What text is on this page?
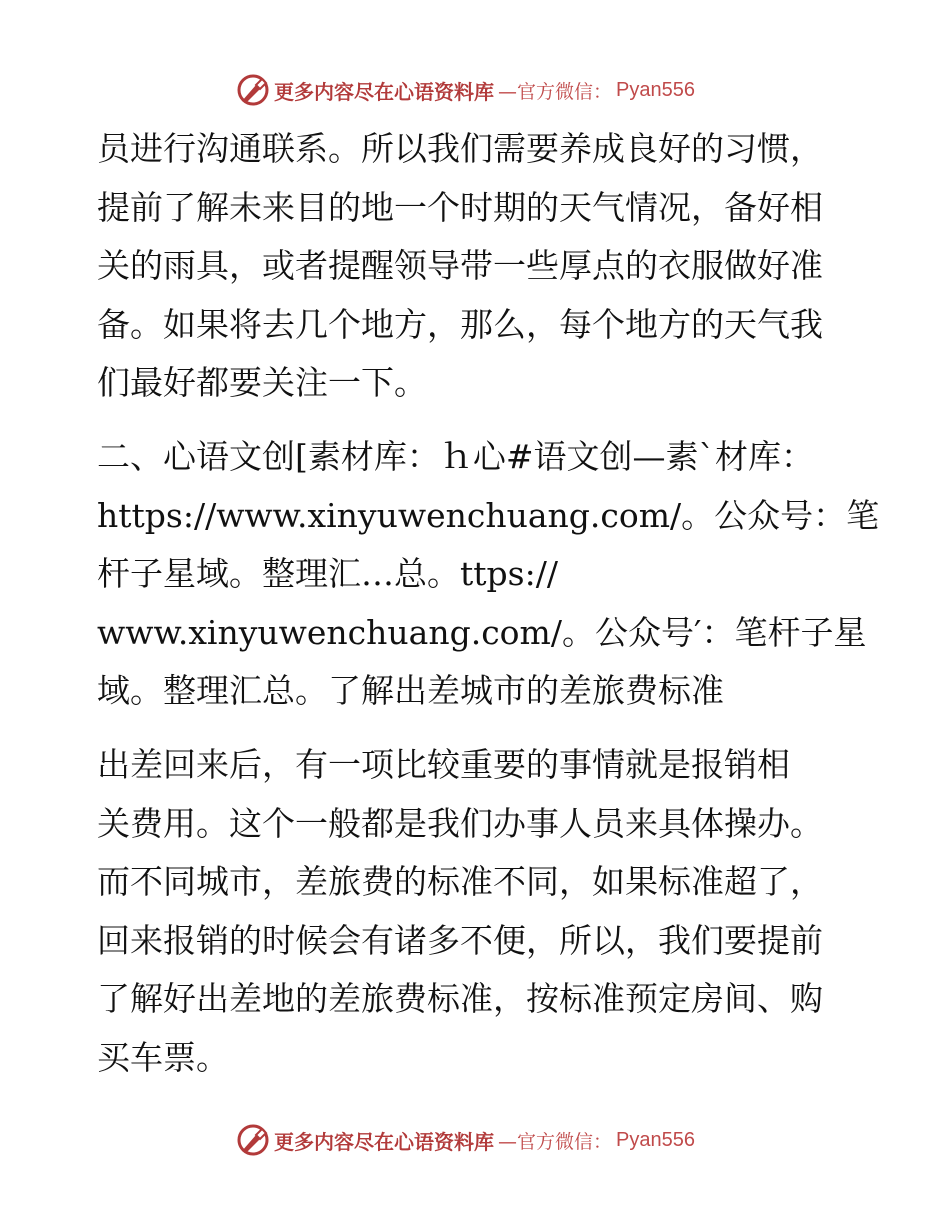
更多内容尽在心语资料库 —官方微信： Pyan556
员进行沟通联系。所以我们需要养成良好的习惯，
提前了解未来目的地一个时期的天气情况，备好相
关的雨具，或者提醒领导带一些厚点的衣服做好准
备。如果将去几个地方，那么，每个地方的天气我
们最好都要关注一下。
二、心语文创[素材库：ｈ心#语文创—素`材库：
https://www.xinyuwenchuang.com/。公众号：笔
杆子星域。整理汇…总。ttps://
www.xinyuwenchuang.com/。公众号′：笔杆子星
域。整理汇总。了解出差城市的差旅费标准
出差回来后，有一项比较重要的事情就是报销相
关费用。这个一般都是我们办事人员来具体操办。
而不同城市，差旅费的标准不同，如果标准超了，
回来报销的时候会有诸多不便，所以，我们要提前
了解好出差地的差旅费标准，按标准预定房间、购
买车票。
更多内容尽在心语资料库 —官方微信： Pyan556
